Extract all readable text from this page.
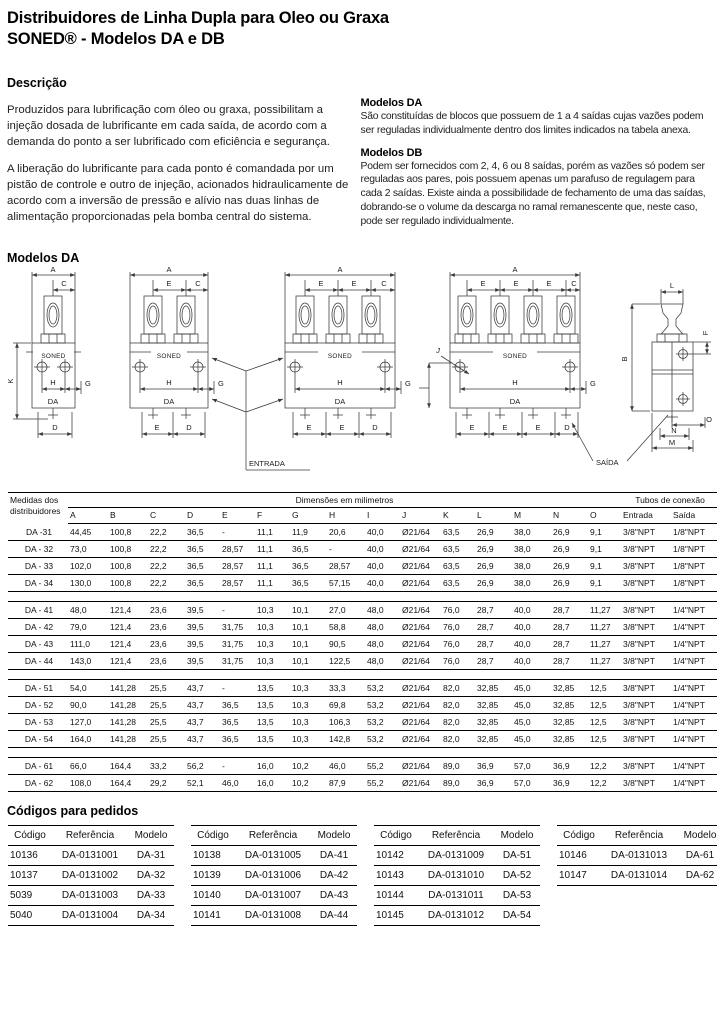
Distribuidores de Linha Dupla para Oleo ou Graxa
SONED® - Modelos DA e DB
Descrição

Produzidos para lubrificação com óleo ou graxa, possibilitam a injeção dosada de lubrificante em cada saída, de acordo com a demanda do ponto a ser lubrificado com eficiência e segurança.

A liberação do lubrificante para cada ponto é comandada por um pistão de controle e outro de injeção, acionados hidraulicamente de acordo com a inversão de pressão e alívio nas duas linhas de alimentação proporcionadas pela bomba central do sistema.

Modelos DA

São constituídas de blocos que possuem de 1 a 4 saídas cujas vazões podem ser reguladas individualmente dentro dos limites indicados na tabela anexa.

Modelos DB

Podem ser fornecidos com 2, 4, 6 ou 8 saídas, porém as vazões só podem ser reguladas aos pares, pois possuem apenas um parafuso de regulagem para cada 2 saídas. Existe ainda a possibilidade de fechamento de uma das saídas, dobrando-se o volume da descarga no ramal remanescente que, neste caso, pode ser regulado individualmente.

Modelos DA
A
C
SONED
H	G
DA
D
K
A
E	C
SONED
H	G
DA
E	D
ENTRADA
A
E	E	C
SONED
H	G
DA
E	E	D
A
E	E	E	C
SONED
J
H	G
DA
E	E	E	D
SAÍDA
L
B
F
O
N
M
Medidas dos
distribuidores	Dimensões em milimetros															Tubos de conexão	
	A	B	C	D	E	F	G	H	I	J	K	L	M	N	O	Entrada	Saída
DA -31	44,45	100,8	22,2	36,5	-	11,1	11,9	20,6	40,0	Ø21/64	63,5	26,9	38,0	26,9	9,1	3/8"NPT	1/8"NPT
DA - 32	73,0	100,8	22,2	36,5	28,57	11,1	36,5	-	40,0	Ø21/64	63,5	26,9	38,0	26,9	9,1	3/8"NPT	1/8"NPT
DA - 33	102,0	100,8	22,2	36,5	28,57	11,1	36,5	28,57	40,0	Ø21/64	63,5	26,9	38,0	26,9	9,1	3/8"NPT	1/8"NPT
DA - 34	130,0	100,8	22,2	36,5	28,57	11,1	36,5	57,15	40,0	Ø21/64	63,5	26,9	38,0	26,9	9,1	3/8"NPT	1/8"NPT

DA - 41	48,0	121,4	23,6	39,5	-	10,3	10,1	27,0	48,0	Ø21/64	76,0	28,7	40,0	28,7	11,27	3/8"NPT	1/4"NPT
DA - 42	79,0	121,4	23,6	39,5	31,75	10,3	10,1	58,8	48,0	Ø21/64	76,0	28,7	40,0	28,7	11,27	3/8"NPT	1/4"NPT
DA - 43	111,0	121,4	23,6	39,5	31,75	10,3	10,1	90,5	48,0	Ø21/64	76,0	28,7	40,0	28,7	11,27	3/8"NPT	1/4"NPT
DA - 44	143,0	121,4	23,6	39,5	31,75	10,3	10,1	122,5	48,0	Ø21/64	76,0	28,7	40,0	28,7	11,27	3/8"NPT	1/4"NPT

DA - 51	54,0	141,28	25,5	43,7	-	13,5	10,3	33,3	53,2	Ø21/64	82,0	32,85	45,0	32,85	12,5	3/8"NPT	1/4"NPT
DA - 52	90,0	141,28	25,5	43,7	36,5	13,5	10,3	69,8	53,2	Ø21/64	82,0	32,85	45,0	32,85	12,5	3/8"NPT	1/4"NPT
DA - 53	127,0	141,28	25,5	43,7	36,5	13,5	10,3	106,3	53,2	Ø21/64	82,0	32,85	45,0	32,85	12,5	3/8"NPT	1/4"NPT
DA - 54	164,0	141,28	25,5	43,7	36,5	13,5	10,3	142,8	53,2	Ø21/64	82,0	32,85	45,0	32,85	12,5	3/8"NPT	1/4"NPT

DA - 61	66,0	164,4	33,2	56,2	-	16,0	10,2	46,0	55,2	Ø21/64	89,0	36,9	57,0	36,9	12,2	3/8"NPT	1/4"NPT
DA - 62	108,0	164,4	29,2	52,1	46,0	16,0	10,2	87,9	55,2	Ø21/64	89,0	36,9	57,0	36,9	12,2	3/8"NPT	1/4"NPT
Códigos para pedidos
Código	Referência	Modelo
10136	DA-0131001	DA-31
10137	DA-0131002	DA-32
5039	DA-0131003	DA-33
5040	DA-0131004	DA-34
Código	Referência	Modelo
10138	DA-0131005	DA-41
10139	DA-0131006	DA-42
10140	DA-0131007	DA-43
10141	DA-0131008	DA-44
Código	Referência	Modelo
10142	DA-0131009	DA-51
10143	DA-0131010	DA-52
10144	DA-0131011	DA-53
10145	DA-0131012	DA-54
Código	Referência	Modelo
10146	DA-0131013	DA-61
10147	DA-0131014	DA-62
